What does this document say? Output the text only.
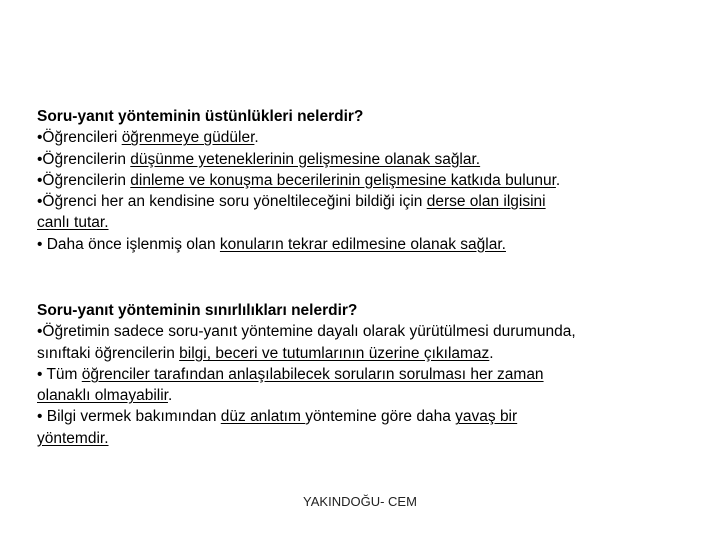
Soru-yanıt yönteminin üstünlükleri nelerdir?
•Öğrencileri öğrenmeye güdüler.
•Öğrencilerin düşünme yeteneklerinin gelişmesine olanak sağlar.
•Öğrencilerin dinleme ve konuşma becerilerinin gelişmesine katkıda bulunur.
•Öğrenci her an kendisine soru yöneltileceğini bildiği için derse olan ilgisini
canlı tutar.
• Daha önce işlenmiş olan konuların tekrar edilmesine olanak sağlar.
Soru-yanıt yönteminin sınırlılıkları nelerdir?
•Öğretimin sadece soru-yanıt yöntemine dayalı olarak yürütülmesi durumunda,
sınıftaki öğrencilerin bilgi, beceri ve tutumlarının üzerine çıkılamaz.
• Tüm öğrenciler tarafından anlaşılabilecek soruların sorulması her zaman
olanaklı olmayabilir.
• Bilgi vermek bakımından düz anlatım yöntemine göre daha yavaş bir
yöntemdir.
YAKINDOĞU- CEM
